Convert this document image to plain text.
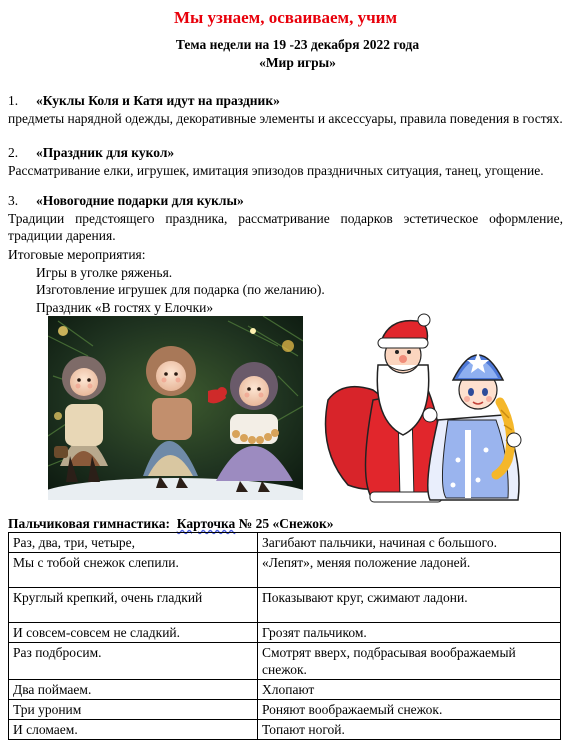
Мы узнаем, осваиваем, учим
Тема недели на 19 -23 декабря 2022 года
«Мир игры»
1. «Куклы Коля и Катя идут на праздник»
предметы нарядной одежды, декоративные элементы и аксессуары, правила поведения в гостях.
2. «Праздник для кукол»
Рассматривание елки, игрушек, имитация эпизодов праздничных ситуация, танец, угощение.
3. «Новогодние подарки для куклы»
Традиции предстоящего праздника, рассматривание подарков эстетическое оформление, традиции дарения.
Итоговые мероприятия:
Игры в уголке ряженья.
Изготовление игрушек для подарка (по желанию).
Праздник «В гостях у Елочки»
Пальчиковая гимнастика: Карточка № 25 «Снежок»
Раз, два, три, четыре,	Загибают пальчики, начиная с большого.
Мы с тобой снежок слепили.	«Лепят», меняя положение ладоней.
Круглый крепкий, очень гладкий	Показывают круг, сжимают ладони.
И совсем-совсем не сладкий.	Грозят пальчиком.
Раз подбросим.	Смотрят вверх, подбрасывая воображаемый снежок.
Два поймаем.	Хлопают
Три уроним	Роняют воображаемый снежок.
И сломаем.	Топают ногой.
